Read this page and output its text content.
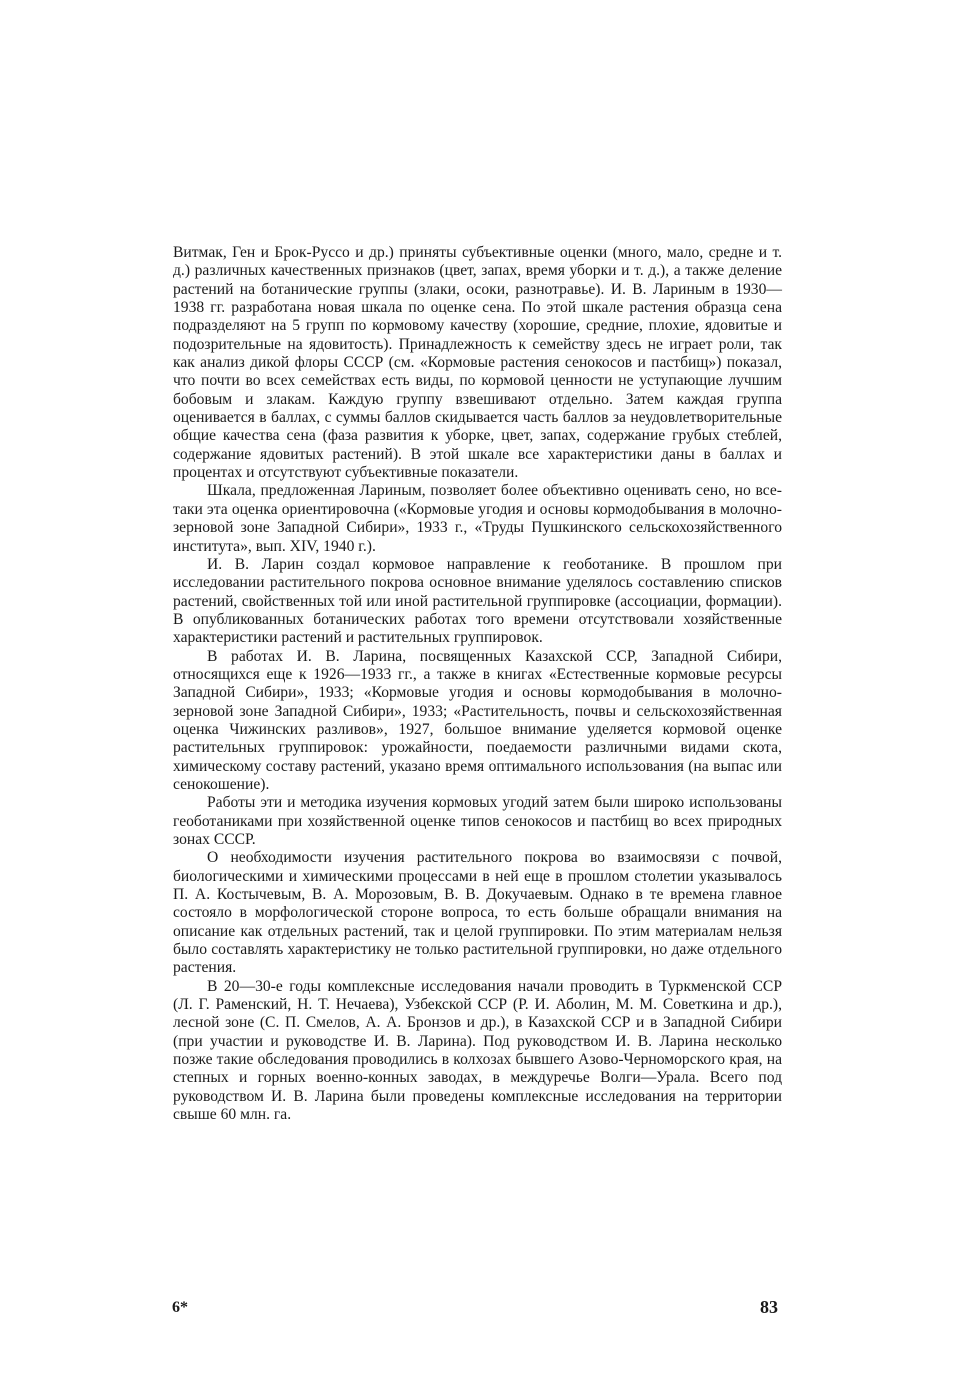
Витмак, Ген и Брок-Руссо и др.) приняты субъективные оценки (много, мало, средне и т. д.) различных качественных признаков (цвет, запах, время уборки и т. д.), а также деление растений на ботанические группы (злаки, осоки, разнотравье). И. В. Лариным в 1930—1938 гг. разработана новая шкала по оценке сена. По этой шкале растения образца сена подразделяют на 5 групп по кормовому качеству (хорошие, средние, плохие, ядовитые и подозрительные на ядовитость). Принадлежность к семейству здесь не играет роли, так как анализ дикой флоры СССР (см. «Кормовые растения сенокосов и пастбищ») показал, что почти во всех семействах есть виды, по кормовой ценности не уступающие лучшим бобовым и злакам. Каждую группу взвешивают отдельно. Затем каждая группа оценивается в баллах, с суммы баллов скидывается часть баллов за неудовлетворительные общие качества сена (фаза развития к уборке, цвет, запах, содержание грубых стеблей, содержание ядовитых растений). В этой шкале все характеристики даны в баллах и процентах и отсутствуют субъективные показатели.

Шкала, предложенная Лариным, позволяет более объективно оценивать сено, но все-таки эта оценка ориентировочна («Кормовые угодия и основы кормодобывания в молочно-зерновой зоне Западной Сибири», 1933 г., «Труды Пушкинского сельскохозяйственного института», вып. XIV, 1940 г.).

И. В. Ларин создал кормовое направление к геоботанике. В прошлом при исследовании растительного покрова основное внимание уделялось составлению списков растений, свойственных той или иной растительной группировке (ассоциации, формации). В опубликованных ботанических работах того времени отсутствовали хозяйственные характеристики растений и растительных группировок.

В работах И. В. Ларина, посвященных Казахской ССР, Западной Сибири, относящихся еще к 1926—1933 гг., а также в книгах «Естественные кормовые ресурсы Западной Сибири», 1933; «Кормовые угодия и основы кормодобывания в молочно-зерновой зоне Западной Сибири», 1933; «Растительность, почвы и сельскохозяйственная оценка Чижинских разливов», 1927, большое внимание уделяется кормовой оценке растительных группировок: урожайности, поедаемости различными видами скота, химическому составу растений, указано время оптимального использования (на выпас или сенокошение).

Работы эти и методика изучения кормовых угодий затем были широко использованы геоботаниками при хозяйственной оценке типов сенокосов и пастбищ во всех природных зонах СССР.

О необходимости изучения растительного покрова во взаимосвязи с почвой, биологическими и химическими процессами в ней еще в прошлом столетии указывалось П. А. Костычевым, В. А. Морозовым, В. В. Докучаевым. Однако в те времена главное состояло в морфологической стороне вопроса, то есть больше обращали внимания на описание как отдельных растений, так и целой группировки. По этим материалам нельзя было составлять характеристику не только растительной группировки, но даже отдельного растения.

В 20—30-е годы комплексные исследования начали проводить в Туркменской ССР (Л. Г. Раменский, Н. Т. Нечаева), Узбекской ССР (Р. И. Аболин, М. М. Советкина и др.), лесной зоне (С. П. Смелов, А. А. Бронзов и др.), в Казахской ССР и в Западной Сибири (при участии и руководстве И. В. Ларина). Под руководством И. В. Ларина несколько позже такие обследования проводились в колхозах бывшего Азово-Черноморского края, на степных и горных военно-конных заводах, в междуречье Волги—Урала. Всего под руководством И. В. Ларина были проведены комплексные исследования на территории свыше 60 млн. га.

6*	83
